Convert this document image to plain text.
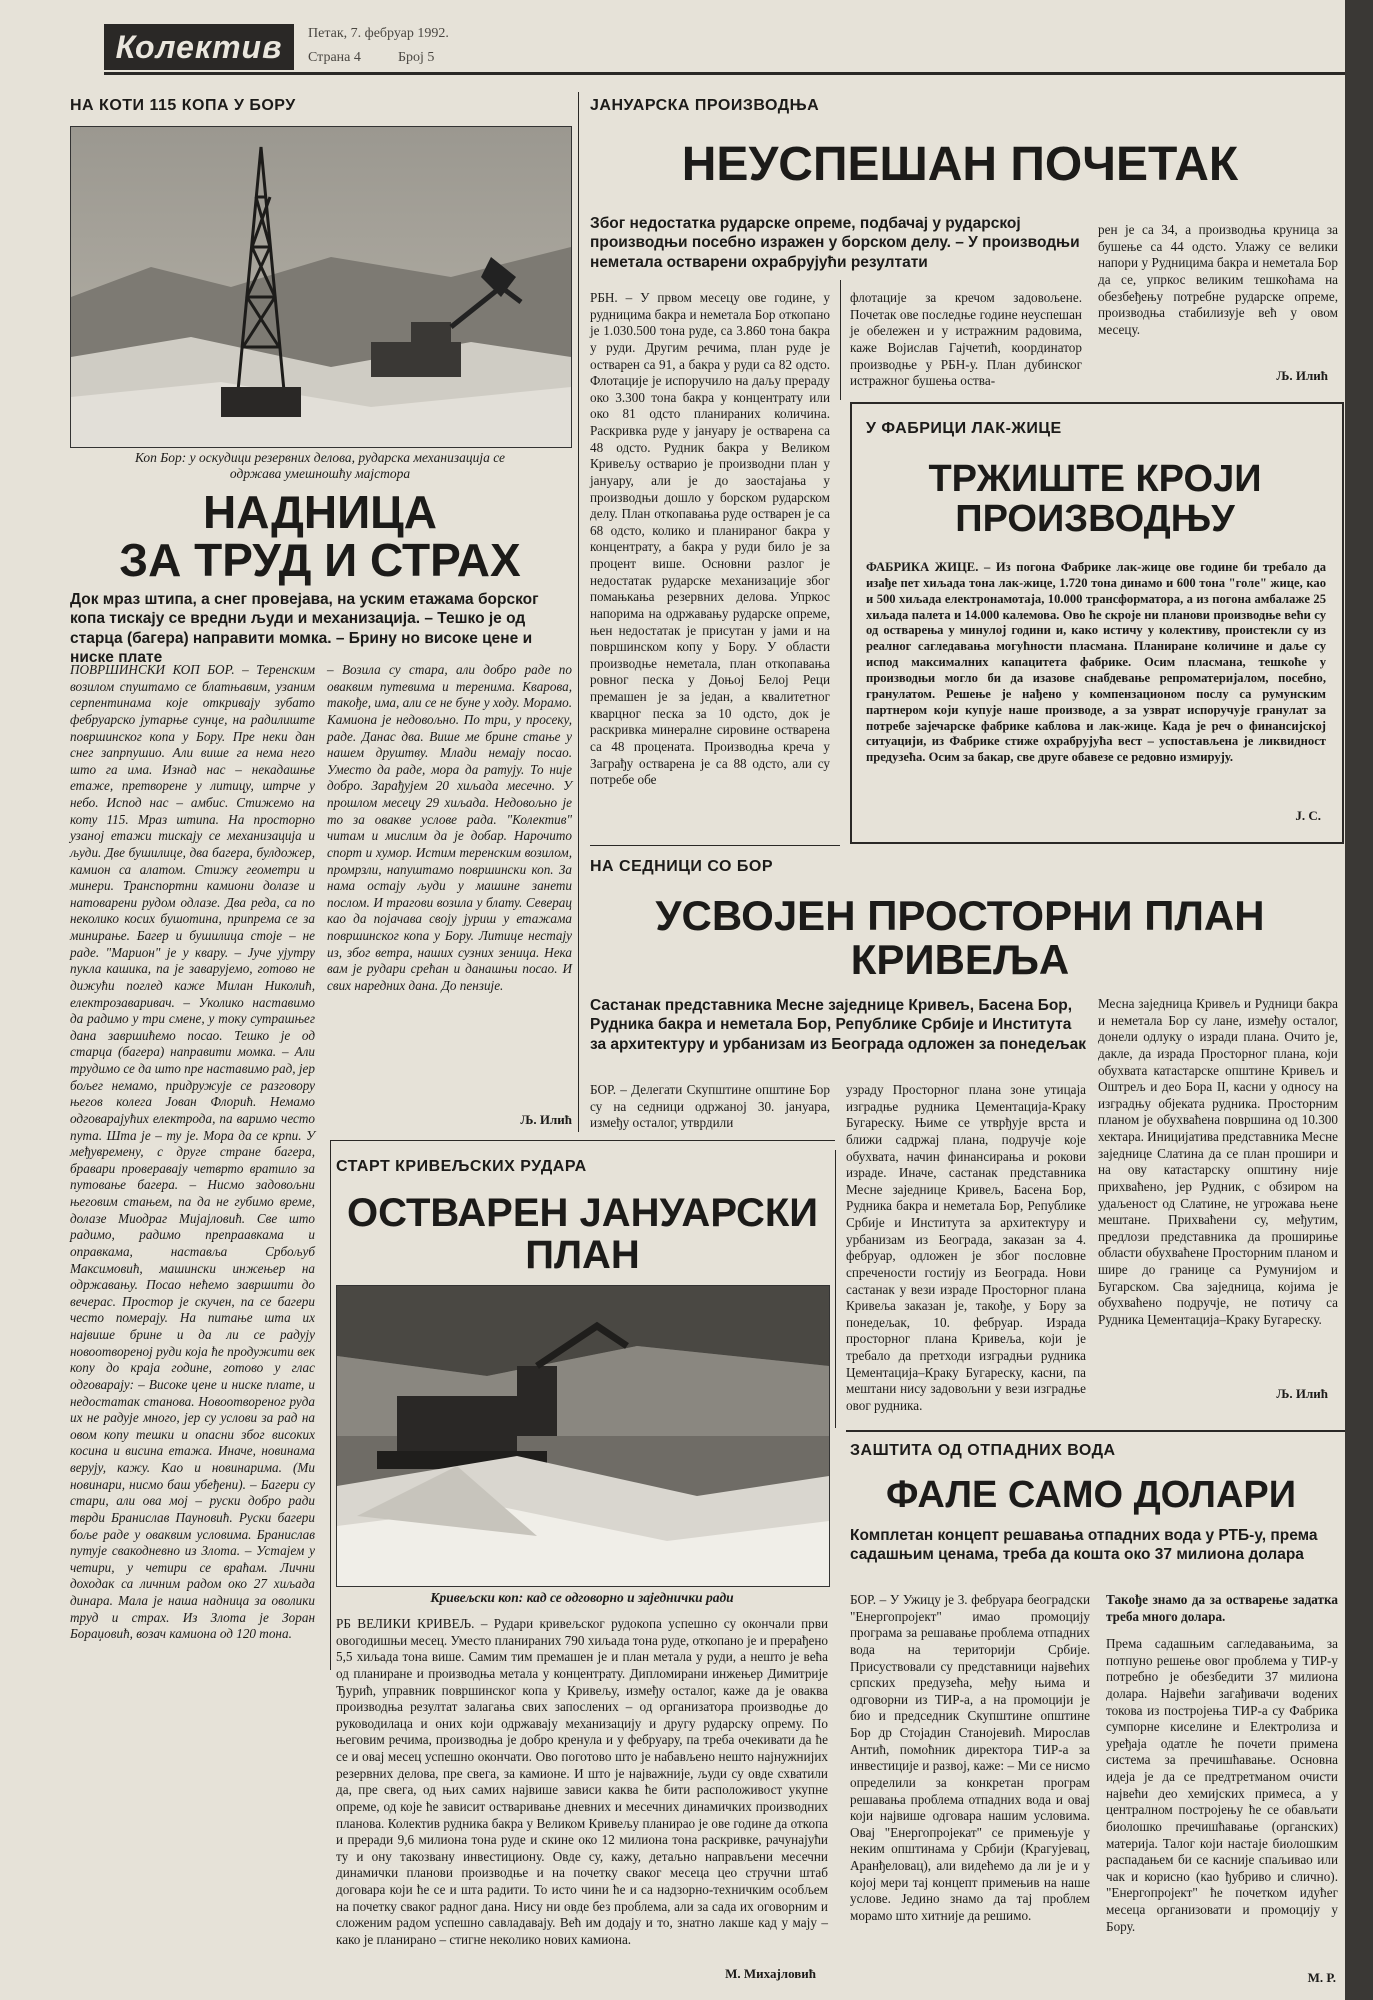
Колектив	Петак, 7. фебруар 1992.
Страна 4	Број 5
НА КОТИ 115 КОПА У БОРУ
Коп Бор: у оскудици резервних делова, рударска механизација се
одржава умешношћу мајстора
НАДНИЦА
ЗА ТРУД И СТРАХ
Док мраз штипа, а снег провејава, на уским етажама борског копа тискају се вредни људи и механизација. – Тешко је од старца (багера) направити момка. – Брину но високе цене и ниске плате
ПОВРШИНСКИ КОП БОР. – Теренским возилом спуштамо се блатњавим, узаним серпентинама које откривају зубато фебруарско јутарње сунце, на радилиште површинског копа у Бору. Пре неки дан снег запрпушио. Али више га нема него што га има. Изнад нас – некадашње етаже, претворене у литицу, штрче у небо. Испод нас – амбис. Стижемо на коту 115. Мраз штипа. На просторно узаној етажи тискају се механизација и људи. Две бушилице, два багера, булдожер, камион са алатом. Стижу геометри и минери. Транспортни камиони долазе и натоварени рудом одлазе. Два реда, са по неколико косих бушотина, припрема се за минирање. Багер и бушилица стоје – не раде. "Марион" је у квару. – Јуче ујутру пукла кашика, па је заварујемо, готово не дижући поглед каже Милан Николић, електрозаваривач. – Уколико наставимо да радимо у три смене, у току сутрашњег дана завршићемо посао. Тешко је од старца (багера) направити момка. – Али трудимо се да што пре наставимо рад, јер бољег немамо, придружује се разговору његов колега Јован Флорић. Немамо одговарајућих електрода, па варимо често пута. Шта је – ту је. Мора да се крпи. У међувремену, с друге стране багера, бравари проверавају четврто вратило за путовање багера. – Нисмо задовољни његовим стањем, па да не губимо време, долазе Миодраг Мијајловић. Све што радимо, радимо препраавкама и оправкама, наставља Србољуб Максимовић, машински инжењер на одржавању. Посао нећемо завршити до вечерас. Простор је скучен, па се багери често померају. На питање шта их највише брине и да ли се радују новоотвореној руди која ће продужити век копу до краја године, готово у глас одговарају: – Високе цене и ниске плате, и недостатак станова. Новоотвореног руда их не радује много, јер су услови за рад на овом копу тешки и опасни због високих косина и висина етажа. Иначе, новинама верују, кажу. Као и новинарима. (Ми новинари, нисмо баш убеђени). – Багери су стари, али ова мој – руски добро ради тврди Бранислав Пауновић. Руски багери боље раде у оваквим условима. Бранислав путује свакодневно из Злота. – Устајем у четири, у четири се враћам. Лични доходак са личним радом око 27 хиљада динара. Мала је наша надница за оволики труд и страх. Из Злота је Зоран Бораџовић, возач камиона од 120 тона.
– Возила су стара, али добро раде по оваквим путевима и теренима. Кварова, такође, има, али се не буне у ходу. Морамо. Камиона је недовољно. По три, у просеку, раде. Данас два. Више ме брине стање у нашем друштву. Млади немају посао. Уместо да раде, мора да ратују. То није добро. Зарађујем 20 хиљада месечно. У прошлом месецу 29 хиљада. Недовољно је то за овакве услове рада. "Колектив" читам и мислим да је добар. Нарочито спорт и хумор. Истим теренским возилом, промрзли, напуштамо површински коп. За нама остају људи у машине занети послом. И трагови возила у блату. Северац као да појачава своју јуриш у етажама површинског копа у Бору. Литице нестају из, због ветра, наших сузних зеница. Нека вам је рудари срећан и данашњи посао. И свих наредних дана. До пензије.
Љ. Илић
ЈАНУАРСКА ПРОИЗВОДЊА
НЕУСПЕШАН ПОЧЕТАК
Због недостатка рударске опреме, подбачај у рударској производњи посебно изражен у борском делу. – У производњи неметала остварени охрабрујући резултати
РБН. – У првом месецу ове године, у рудницима бакра и неметала Бор откопано је 1.030.500 тона руде, са 3.860 тона бакра у руди. Другим речима, план руде је остварен са 91, а бакра у руди са 82 одсто. Флотације је испоручило на даљу прераду око 3.300 тона бакра у концентрату или око 81 одсто планираних количина. Раскривка руде у јануару је остварена са 48 одсто. Рудник бакра у Великом Кривељу остварио је производни план у јануару, али је до заостајања у производњи дошло у борском рударском делу. План откопавања руде остварен је са 68 одсто, колико и планираног бакра у концентрату, а бакра у руди било је за процент више. Основни разлог је недостатак рударске механизације због помањкања резервних делова. Упркос напорима на одржавању рударске опреме, њен недостатак је присутан у јами и на површинском копу у Бору. У области производње неметала, план откопавања ровног песка у Доњој Белој Реци премашен је за један, а квалитетног кварцног песка за 10 одсто, док је раскривка минералне сировине остварена са 48 процената. Производња креча у Заграђу остварена је са 88 одсто, али су потребе обе
флотације за кречом задовољене. Почетак ове последње године неуспешан је обележен и у истражним радовима, каже Војислав Гајчетић, координатор производње у РБН-у. План дубинског истражног бушења оства-
рен је са 34, а производња круница за бушење са 44 одсто. Улажу се велики напори у Рудницима бакра и неметала Бор да се, упркос великим тешкоћама на обезбеђењу потребне рударске опреме, производња стабилизује већ у овом месецу.
Љ. Илић
У ФАБРИЦИ ЛАК-ЖИЦЕ
ТРЖИШТЕ КРОЈИ
ПРОИЗВОДЊУ
ФАБРИКА ЖИЦЕ. – Из погона Фабрике лак-жице ове године би требало да изађе пет хиљада тона лак-жице, 1.720 тона динамо и 600 тона "голе" жице, као и 500 хиљада електронамотаја, 10.000 трансформатора, а из погона амбалаже 25 хиљада палета и 14.000 калемова. Ово ће скроје ни планови производње већи су од остварења у минулој години и, како истичу у колективу, проистекли су из реалног сагледавања могућности пласмана. Планиране количине и даље су испод максималних капацитета фабрике. Осим пласмана, тешкоће у производњи могло би да изазове снабдевање репроматеријалом, посебно, гранулатом. Решење је нађено у компензационом послу са румунским партнером који купује наше производе, а за узврат испоручује гранулат за потребе зајечарске фабрике каблова и лак-жице. Када је реч о финансијској ситуацији, из Фабрике стиже охрабрујућа вест – успостављена је ликвидност предузећа. Осим за бакар, све друге обавезе се редовно измирују.
J. C.
НА СЕДНИЦИ СО БОР
УСВОЈЕН ПРОСТОРНИ ПЛАН
КРИВЕЉА
Састанак представника Месне заједнице Кривељ, Басена Бор, Рудника бакра и неметала Бор, Републике Србије и Института за архитектуру и урбанизам из Београда одложен за понедељак
БОР. – Делегати Скупштине општине Бор су на седници одржаној 30. јануара, између осталог, утврдили
узраду Просторног плана зоне утицаја изградње рудника Цементација-Краку Бугареску. Њиме се утврђује врста и ближи садржај плана, подручје које обухвата, начин финансирања и рокови израде. Иначе, састанак представника Месне заједнице Кривељ, Басена Бор, Рудника бакра и неметала Бор, Републике Србије и Института за архитектуру и урбанизам из Београда, заказан за 4. фебруар, одложен је због пословне спречености гостију из Београда. Нови састанак у вези израде Просторног плана Кривеља заказан је, такође, у Бору за понедељак, 10. фебруар. Израда просторног плана Кривеља, који је требало да претходи изградњи рудника Цементација–Краку Бугареску, касни, па мештани нису задовољни у вези изградње овог рудника.
Месна заједница Кривељ и Рудници бакра и неметала Бор су лане, између осталог, донели одлуку о изради плана. Очито је, дакле, да израда Просторног плана, који обухвата катастарске општине Кривељ и Оштрељ и део Бора II, касни у односу на изградњу објеката рудника. Просторним планом је обухваћена површина од 10.300 хектара. Иницијатива представника Месне заједнице Слатина да се план прошири и на ову катастарску општину није прихваћено, јер Рудник, с обзиром на удаљеност од Слатине, не угрожава њене мештане. Прихваћени су, међутим, предлози представника да прошириње области обухваћене Просторним планом и шире до границе са Румунијом и Бугарском. Сва заједница, којима је обухваћено подручје, не потичу са Рудника Цементација–Краку Бугареску.
Љ. Илић
СТАРТ КРИВЕЉСКИХ РУДАРА
ОСТВАРЕН ЈАНУАРСКИ
ПЛАН
Кривељски коп: кад се одговорно и заједнички ради
РБ ВЕЛИКИ КРИВЕЉ. – Рудари кривељског рудокопа успешно су окончали први овогодишњи месец. Уместо планираних 790 хиљада тона руде, откопано је и прерађено 5,5 хиљада тона више. Самим тим премашен је и план метала у руди, а нешто је већа од планиране и производња метала у концентрату. Дипломирани инжењер Димитрије Ђурић, управник површинског копа у Кривељу, између осталог, каже да је оваква производња резултат залагања свих запослених – од организатора производње до руководилаца и оних који одржавају механизацију и другу рударску опрему. По његовим речима, производња је добро кренула и у фебруару, па треба очекивати да ће се и овај месец успешно окончати. Ово поготово што је набављено нешто најнужнијих резервних делова, пре свега, за камионе. И што је најважније, људи су овде схватили да, пре свега, од њих самих највише зависи каква ће бити расположивост укупне опреме, од које ће зависит остваривање дневних и месечних динамичких производних планова. Колектив рудника бакра у Великом Кривељу планирао је ове године да откопа и преради 9,6 милиона тона руде и скине око 12 милиона тона раскривке, рачунајући ту и ону такозвану инвестициону. Овде су, кажу, детаљно направљени месечни динамички планови производње и на почетку сваког месеца цео стручни штаб договара који ће се и шта радити. То исто чини ће и са надзорно-техничким особљем на почетку сваког радног дана. Нису ни овде без проблема, али за сада их оговорним и сложеним радом успешно савладавају. Већ им додају и то, знатно лакше кад у мају – како је планирано – стигне неколико нових камиона.
М. Михајловић
ЗАШТИТА ОД ОТПАДНИХ ВОДА
ФАЛЕ САМО ДОЛАРИ
Комплетан концепт решавања отпадних вода у РТБ-у, према садашњим ценама, треба да кошта око 37 милиона долара
БОР. – У Ужицу је 3. фебруара београдски "Енергопројект" имао промоцију програма за решавање проблема отпадних вода на територији Србије. Присуствовали су представници највећих српских предузећа, међу њима и одговорни из ТИР-а, а на промоцији је био и председник Скупштине општине Бор др Стојадин Станојевић. Мирослав Антић, помоћник директора ТИР-а за инвестиције и развој, каже: – Ми се нисмо определили за конкретан програм решавања проблема отпадних вода и овај који највише одговара нашим условима. Овај "Енергопројекат" се примењује у неким општинама у Србији (Крагујевац, Аранђеловац), али видећемо да ли је и у којој мери тај концепт примењив на наше услове. Једино знамо да тај проблем морамо што хитније да решимо.
Такође знамо да за остварење задатка треба много долара.
Према садашњим сагледавањима, за потпуно решење овог проблема у ТИР-у потребно је обезбедити 37 милиона долара. Највећи загађивачи водених токова из постројења ТИР-а су Фабрика сумпорне киселине и Електролиза и уређаја одатле ће почети примена система за пречишћавање. Основна идеја је да се предтретманом очисти највећи део хемијских примеса, а у централном постројењу ће се обављати биолошко пречишћавање (органских) материја. Талог који настаје биолошким распадањем би се касније спаљивао или чак и корисно (као ђубриво и слично). "Енергопројект" ће почетком идућег месеца организовати и промоцију у Бору.
М. Р.
